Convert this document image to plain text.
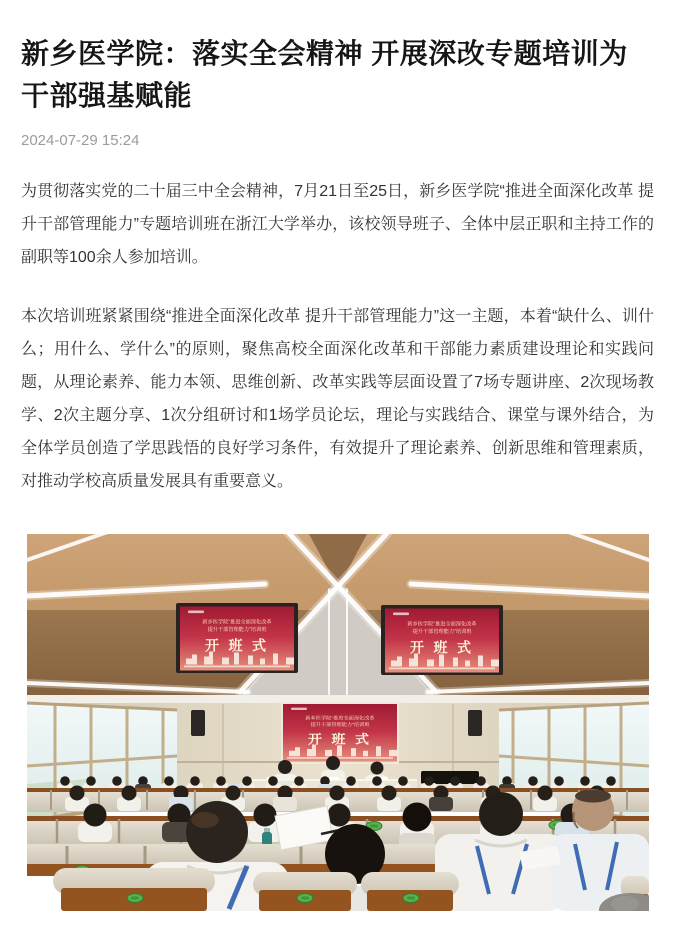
新乡医学院：落实全会精神 开展深改专题培训为干部强基赋能
2024-07-29 15:24

为贯彻落实党的二十届三中全会精神，7月21日至25日，新乡医学院“推进全面深化改革 提升干部管理能力”专题培训班在浙江大学举办，该校领导班子、全体中层正职和主持工作的副职等100余人参加培训。

本次培训班紧紧围绕“推进全面深化改革 提升干部管理能力”这一主题，本着“缺什么、训什么；用什么、学什么”的原则，聚焦高校全面深化改革和干部能力素质建设理论和实践问题，从理论素养、能力本领、思维创新、改革实践等层面设置了7场专题讲座、2次现场教学、2次主题分享、1次分组研讨和1场学员论坛，理论与实践结合、课堂与课外结合，为全体学员创造了学思践悟的良好学习条件，有效提升了理论素养、创新思维和管理素质，对推动学校高质量发展具有重要意义。
